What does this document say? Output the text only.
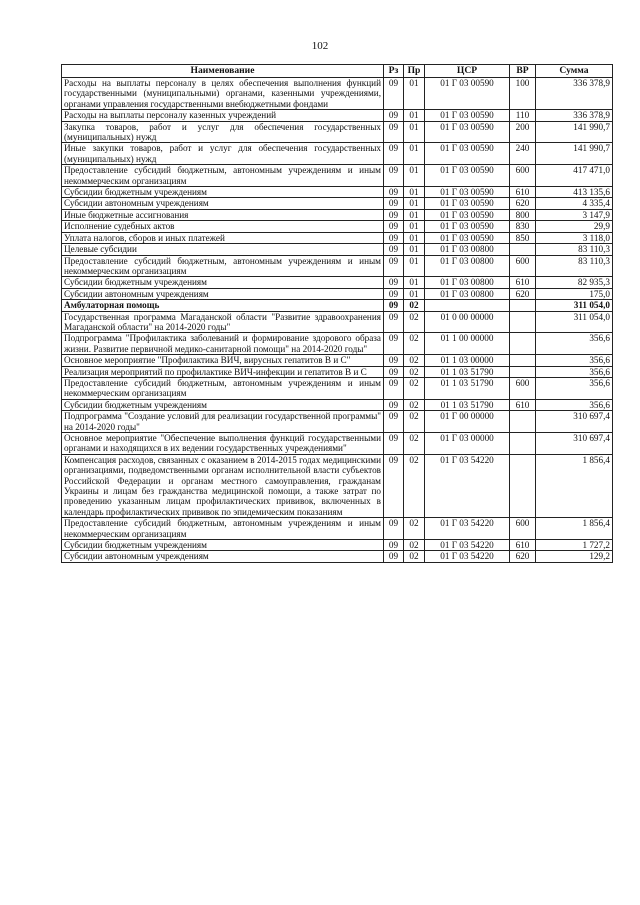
102
Наименование	Рз	Пр	ЦСР	ВР	Сумма
Расходы на выплаты персоналу в целях обеспечения выполнения функций государственными (муниципальными) органами, казенными учреждениями, органами управления государственными внебюджетными фондами	09	01	01 Г 03 00590	100	336 378,9
Расходы на выплаты персоналу казенных учреждений	09	01	01 Г 03 00590	110	336 378,9
Закупка товаров, работ и услуг для обеспечения государственных (муниципальных) нужд	09	01	01 Г 03 00590	200	141 990,7
Иные закупки товаров, работ и услуг для обеспечения государственных (муниципальных) нужд	09	01	01 Г 03 00590	240	141 990,7
Предоставление субсидий бюджетным, автономным учреждениям и иным некоммерческим организациям	09	01	01 Г 03 00590	600	417 471,0
Субсидии бюджетным учреждениям	09	01	01 Г 03 00590	610	413 135,6
Субсидии автономным учреждениям	09	01	01 Г 03 00590	620	4 335,4
Иные бюджетные ассигнования	09	01	01 Г 03 00590	800	3 147,9
Исполнение судебных актов	09	01	01 Г 03 00590	830	29,9
Уплата налогов, сборов и иных платежей	09	01	01 Г 03 00590	850	3 118,0
Целевые субсидии	09	01	01 Г 03 00800		83 110,3
Предоставление субсидий бюджетным, автономным учреждениям и иным некоммерческим организациям	09	01	01 Г 03 00800	600	83 110,3
Субсидии бюджетным учреждениям	09	01	01 Г 03 00800	610	82 935,3
Субсидии автономным учреждениям	09	01	01 Г 03 00800	620	175,0
Амбулаторная помощь	09	02			311 054,0
Государственная программа Магаданской области "Развитие здравоохранения Магаданской области" на 2014-2020 годы"	09	02	01 0 00 00000		311 054,0
Подпрограмма "Профилактика заболеваний и формирование здорового образа жизни. Развитие первичной медико-санитарной помощи" на 2014-2020 годы"	09	02	01 1 00 00000		356,6
Основное мероприятие "Профилактика ВИЧ, вирусных гепатитов В и С"	09	02	01 1 03 00000		356,6
Реализация мероприятий по профилактике ВИЧ-инфекции и гепатитов В и С	09	02	01 1 03 51790		356,6
Предоставление субсидий бюджетным, автономным учреждениям и иным некоммерческим организациям	09	02	01 1 03 51790	600	356,6
Субсидии бюджетным учреждениям	09	02	01 1 03 51790	610	356,6
Подпрограмма "Создание условий для реализации государственной программы" на 2014-2020 годы"	09	02	01 Г 00 00000		310 697,4
Основное мероприятие "Обеспечение выполнения функций государственными органами и находящихся в их ведении государственных учреждениями"	09	02	01 Г 03 00000		310 697,4
Компенсация расходов, связанных с оказанием в 2014-2015 годах медицинскими организациями, подведомственными органам исполнительной власти субъектов Российской Федерации и органам местного самоуправления, гражданам Украины и лицам без гражданства медицинской помощи, а также затрат по проведению указанным лицам профилактических прививок, включенных в календарь профилактических прививок по эпидемическим показаниям	09	02	01 Г 03 54220		1 856,4
Предоставление субсидий бюджетным, автономным учреждениям и иным некоммерческим организациям	09	02	01 Г 03 54220	600	1 856,4
Субсидии бюджетным учреждениям	09	02	01 Г 03 54220	610	1 727,2
Субсидии автономным учреждениям	09	02	01 Г 03 54220	620	129,2
